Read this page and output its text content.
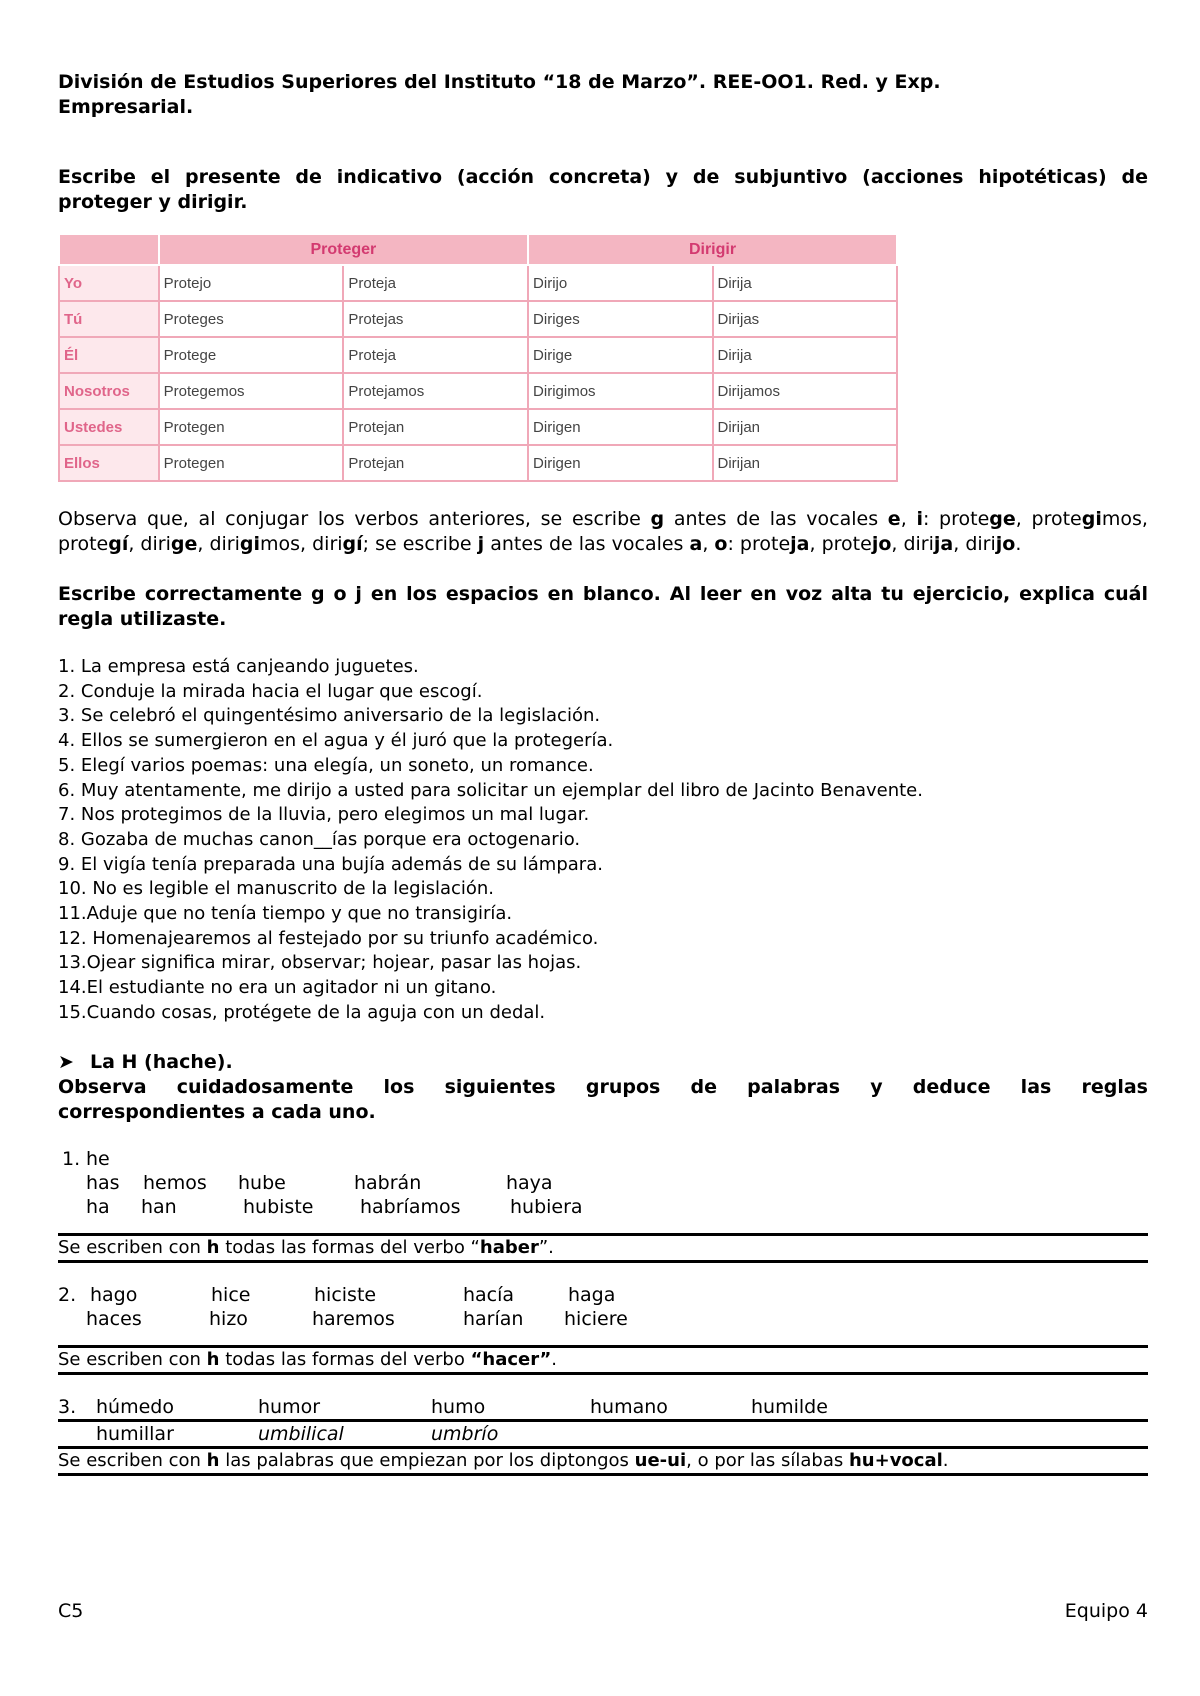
División de Estudios Superiores del Instituto “18 de Marzo”. REE-OO1. Red. y Exp.
Empresarial.

Escribe el presente de indicativo (acción concreta) y de subjuntivo (acciones hipotéticas) de proteger y dirigir.

	Proteger		Dirigir	
Yo	Protejo	Proteja	Dirijo	Dirija
Tú	Proteges	Protejas	Diriges	Dirijas
Él	Protege	Proteja	Dirige	Dirija
Nosotros	Protegemos	Protejamos	Dirigimos	Dirijamos
Ustedes	Protegen	Protejan	Dirigen	Dirijan
Ellos	Protegen	Protejan	Dirigen	Dirijan

Observa que, al conjugar los verbos anteriores, se escribe g antes de las vocales e, i: protege, protegimos, protegí, dirige, dirigimos, dirigí; se escribe j antes de las vocales a, o: proteja, protejo, dirija, dirijo.

Escribe correctamente g o j en los espacios en blanco. Al leer en voz alta tu ejercicio, explica cuál regla utilizaste.

1. La empresa está canjeando juguetes.
2. Conduje la mirada hacia el lugar que escogí.
3. Se celebró el quingentésimo aniversario de la legislación.
4. Ellos se sumergieron en el agua y él juró que la protegería.
5. Elegí varios poemas: una elegía, un soneto, un romance.
6. Muy atentamente, me dirijo a usted para solicitar un ejemplar del libro de Jacinto Benavente.
7. Nos protegimos de la lluvia, pero elegimos un mal lugar.
8. Gozaba de muchas canon__ías porque era octogenario.
9. El vigía tenía preparada una bujía además de su lámpara.
10. No es legible el manuscrito de la legislación.
11.Aduje que no tenía tiempo y que no transigiría.
12. Homenajearemos al festejado por su triunfo académico.
13.Ojear significa mirar, observar; hojear, pasar las hojas.
14.El estudiante no era un agitador ni un gitano.
15.Cuando cosas, protégete de la aguja con un dedal.
➤ La H (hache).

Observa cuidadosamente los siguientes grupos de palabras y deduce las reglas

correspondientes a cada uno.

1. he
has hemos hube	habrán	haya
ha han	hubiste habríamos	hubiera
Se escriben con h todas las formas del verbo “haber”.
2. hago	hice	hiciste	hacía	haga
haces	hizo	haremos	harían hiciere
Se escriben con h todas las formas del verbo “hacer”.
3. húmedo	humor	humo	humano	humilde
humillar	umbilical	umbrío
Se escriben con h las palabras que empiezan por los diptongos ue-ui, o por las sílabas hu+vocal.
C5	Equipo 4
